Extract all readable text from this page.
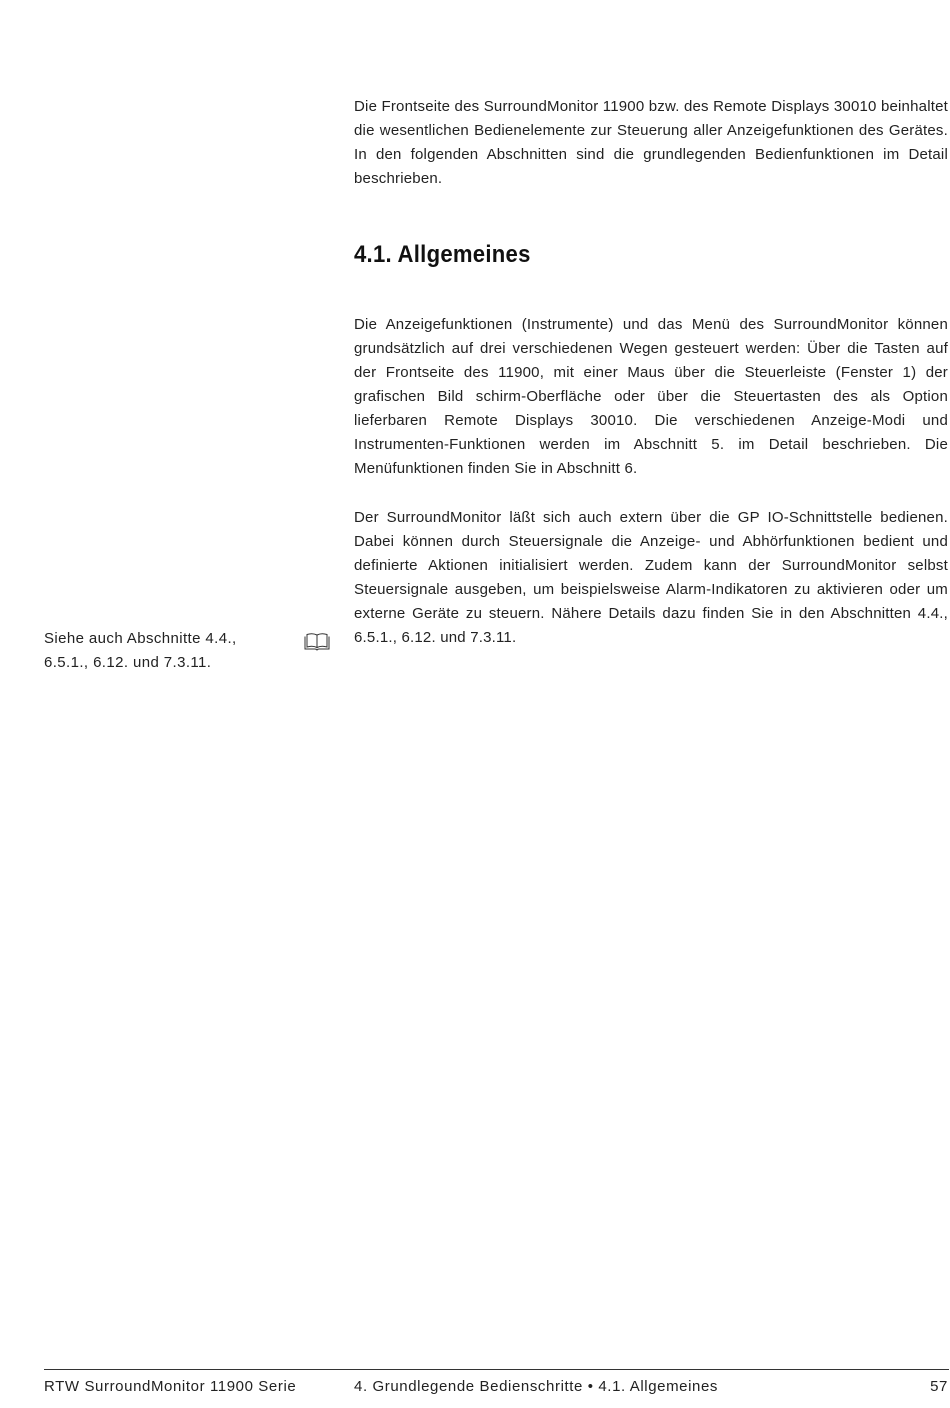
Die Frontseite des SurroundMonitor 11900 bzw. des Remote Displays 30010 beinhaltet die wesentlichen Bedienelemente zur Steuerung aller Anzeigefunktionen des Gerätes. In den folgenden Abschnitten sind die grundlegenden Bedienfunktionen im Detail beschrieben.

4.1. Allgemeines

Die Anzeigefunktionen (Instrumente) und das Menü des SurroundMonitor können grundsätzlich auf drei verschiedenen Wegen gesteuert werden: Über die Tasten auf der Frontseite des 11900, mit einer Maus über die Steuerleiste (Fenster 1) der grafischen Bild schirm-Oberfläche oder über die Steuertasten des als Option lieferbaren Remote Displays 30010. Die verschiedenen Anzeige-Modi und Instrumenten-Funktionen werden im Abschnitt 5. im Detail beschrieben. Die Menüfunktionen finden Sie in Abschnitt 6.

Der SurroundMonitor läßt sich auch extern über die GP IO-Schnittstelle bedienen. Dabei können durch Steuersignale die Anzeige- und Abhörfunktionen bedient und definierte Aktionen initialisiert werden. Zudem kann der SurroundMonitor selbst Steuersignale ausgeben, um beispielsweise Alarm-Indikatoren zu aktivieren oder um externe Geräte zu steuern. Nähere Details dazu finden Sie in den Abschnitten 4.4., 6.5.1., 6.12. und 7.3.11.

Siehe auch Abschnitte 4.4., 6.5.1., 6.12. und 7.3.11.

RTW SurroundMonitor 11900 Serie	4. Grundlegende Bedienschritte • 4.1. Allgemeines	57
